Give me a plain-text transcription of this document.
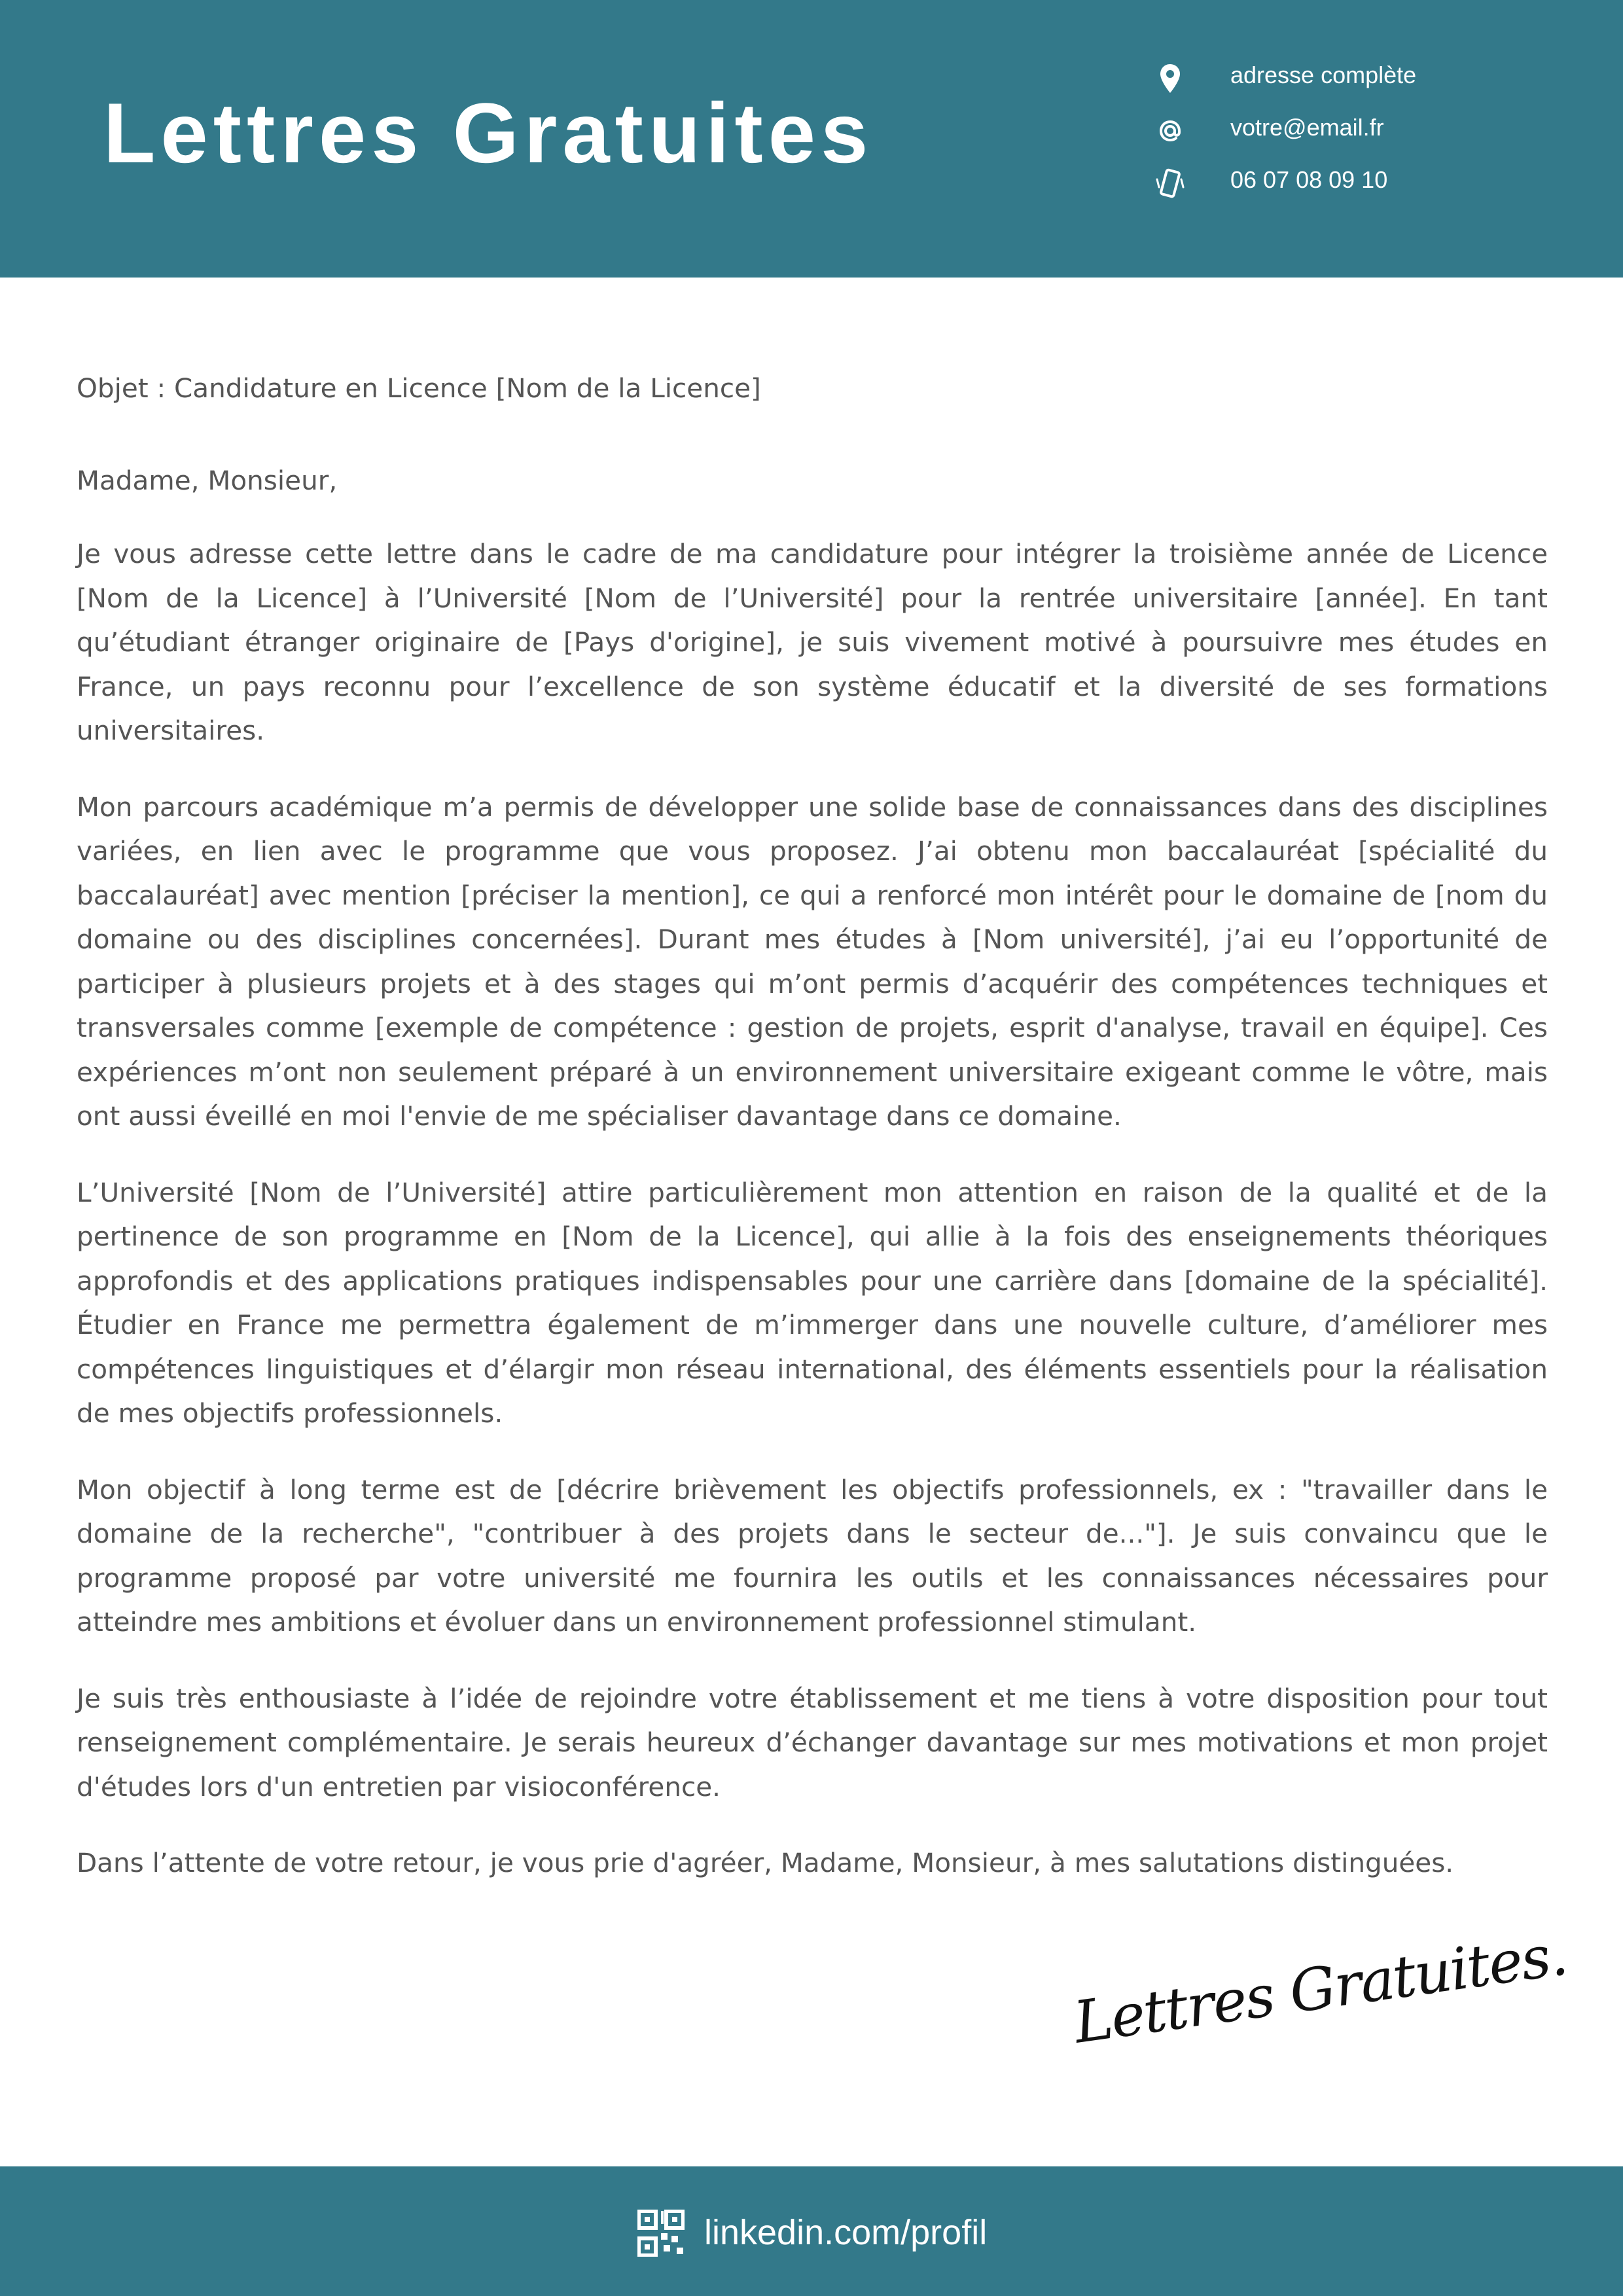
Lettres Gratuites
adresse complète
votre@email.fr
06 07 08 09 10

Objet : Candidature en Licence [Nom de la Licence]

Madame, Monsieur,

Je vous adresse cette lettre dans le cadre de ma candidature pour intégrer la troisième année de Licence [Nom de la Licence] à l’Université [Nom de l’Université] pour la rentrée universitaire [année]. En tant qu’étudiant étranger originaire de [Pays d'origine], je suis vivement motivé à poursuivre mes études en France, un pays reconnu pour l’excellence de son système éducatif et la diversité de ses formations universitaires.

Mon parcours académique m’a permis de développer une solide base de connaissances dans des disciplines variées, en lien avec le programme que vous proposez. J’ai obtenu mon baccalauréat [spécialité du baccalauréat] avec mention [préciser la mention], ce qui a renforcé mon intérêt pour le domaine de [nom du domaine ou des disciplines concernées]. Durant mes études à [Nom université], j’ai eu l’opportunité de participer à plusieurs projets et à des stages qui m’ont permis d’acquérir des compétences techniques et transversales comme [exemple de compétence : gestion de projets, esprit d'analyse, travail en équipe]. Ces expériences m’ont non seulement préparé à un environnement universitaire exigeant comme le vôtre, mais ont aussi éveillé en moi l'envie de me spécialiser davantage dans ce domaine.

L’Université [Nom de l’Université] attire particulièrement mon attention en raison de la qualité et de la pertinence de son programme en [Nom de la Licence], qui allie à la fois des enseignements théoriques approfondis et des applications pratiques indispensables pour une carrière dans [domaine de la spécialité]. Étudier en France me permettra également de m’immerger dans une nouvelle culture, d’améliorer mes compétences linguistiques et d’élargir mon réseau international, des éléments essentiels pour la réalisation de mes objectifs professionnels.

Mon objectif à long terme est de [décrire brièvement les objectifs professionnels, ex : "travailler dans le domaine de la recherche", "contribuer à des projets dans le secteur de..."]. Je suis convaincu que le programme proposé par votre université me fournira les outils et les connaissances nécessaires pour atteindre mes ambitions et évoluer dans un environnement professionnel stimulant.

Je suis très enthousiaste à l’idée de rejoindre votre établissement et me tiens à votre disposition pour tout renseignement complémentaire. Je serais heureux d’échanger davantage sur mes motivations et mon projet d'études lors d'un entretien par visioconférence.

Dans l’attente de votre retour, je vous prie d'agréer, Madame, Monsieur, à mes salutations distinguées.

Lettres Gratuites.
linkedin.com/profil
